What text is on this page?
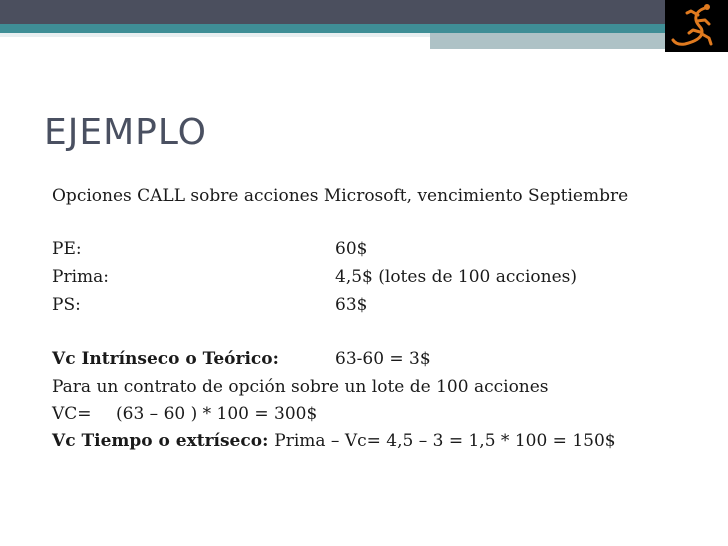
EJEMPLO
Opciones CALL sobre acciones Microsoft, vencimiento Septiembre
PE:	60$
Prima:	4,5$ (lotes de 100 acciones)
PS:	63$
Vc Intrínseco o Teórico:	63-60 = 3$
Para un contrato de opción sobre un lote de 100 acciones
VC= (63 – 60 ) * 100 = 300$
Vc Tiempo o extríseco: Prima – Vc= 4,5 – 3 = 1,5 * 100 = 150$
